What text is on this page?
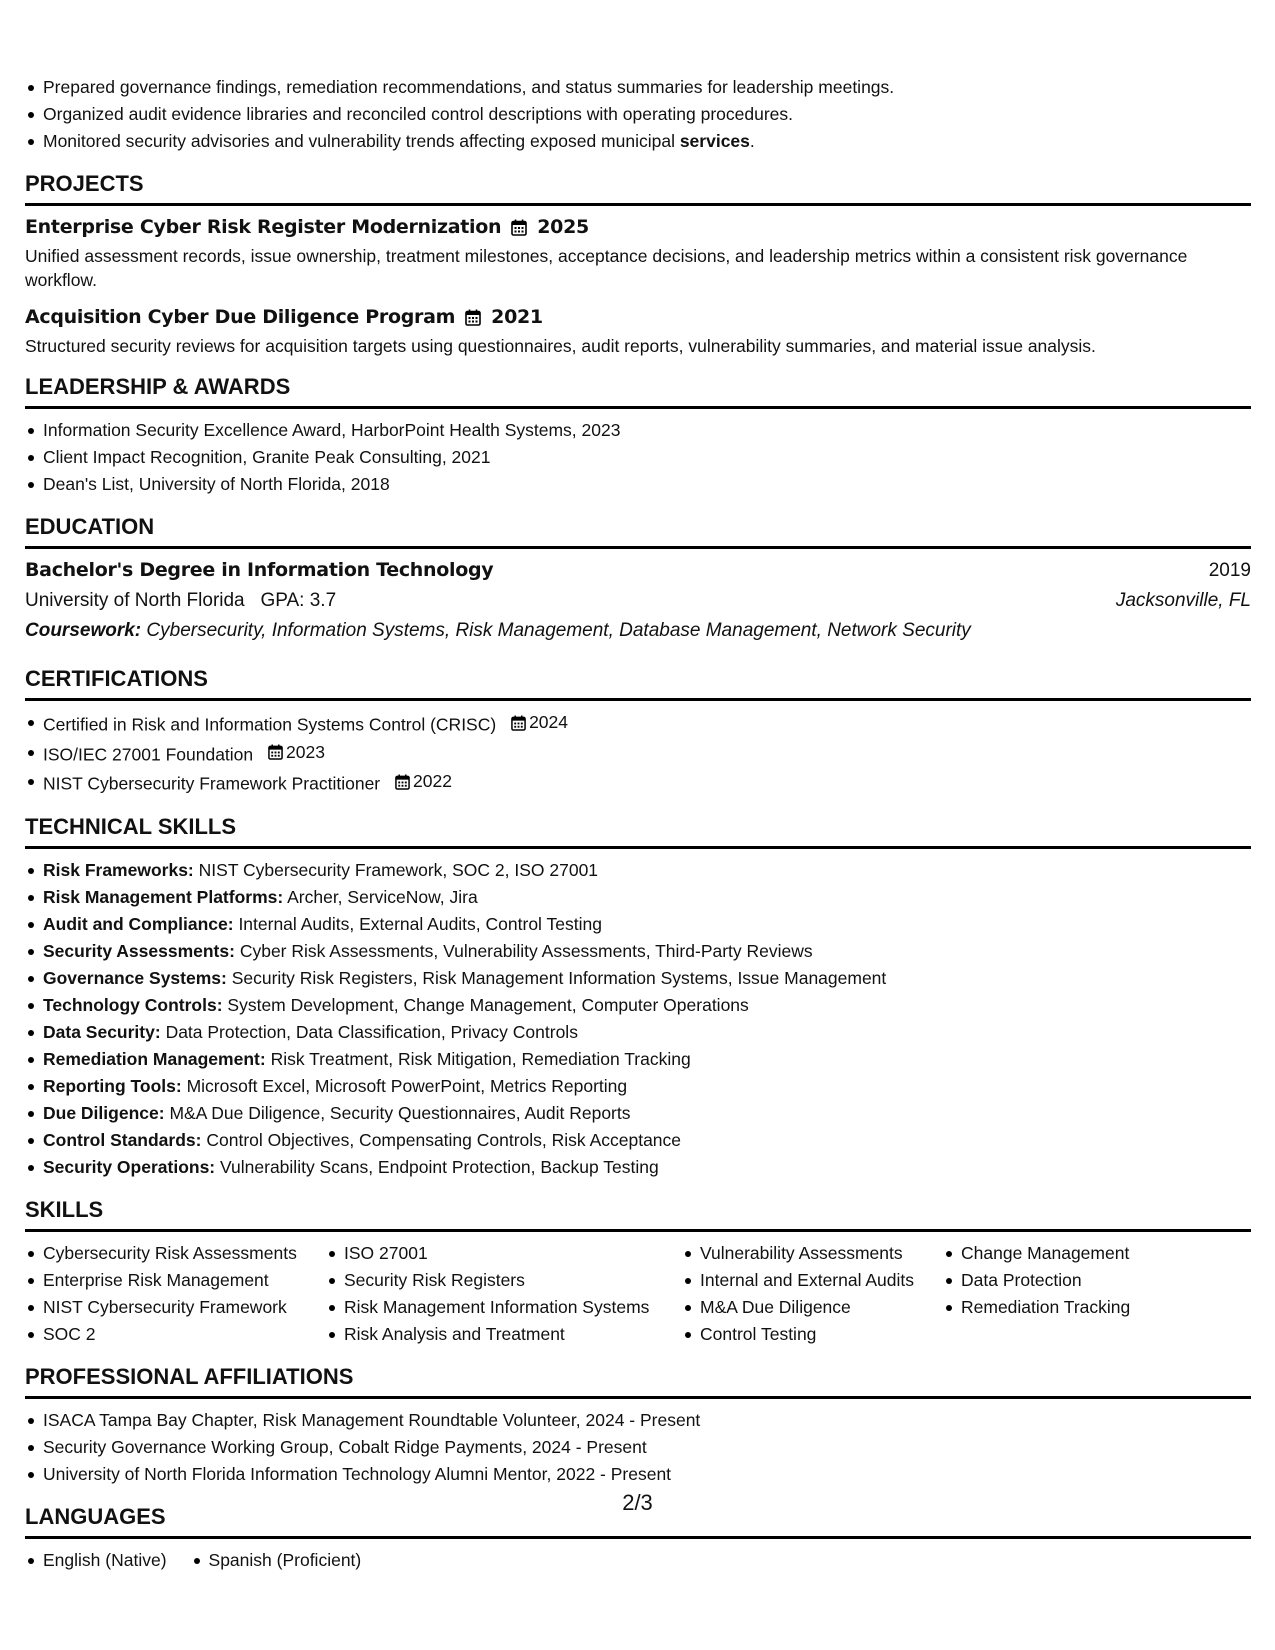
Prepared governance findings, remediation recommendations, and status summaries for leadership meetings.
Organized audit evidence libraries and reconciled control descriptions with operating procedures.
Monitored security advisories and vulnerability trends affecting exposed municipal services.
PROJECTS
Enterprise Cyber Risk Register Modernization 2025
Unified assessment records, issue ownership, treatment milestones, acceptance decisions, and leadership metrics within a consistent risk governance workflow.
Acquisition Cyber Due Diligence Program 2021
Structured security reviews for acquisition targets using questionnaires, audit reports, vulnerability summaries, and material issue analysis.
LEADERSHIP & AWARDS
Information Security Excellence Award, HarborPoint Health Systems, 2023
Client Impact Recognition, Granite Peak Consulting, 2021
Dean's List, University of North Florida, 2018
EDUCATION
Bachelor's Degree in Information Technology	2019
University of North Florida GPA: 3.7	Jacksonville, FL
Coursework: Cybersecurity, Information Systems, Risk Management, Database Management, Network Security
CERTIFICATIONS
Certified in Risk and Information Systems Control (CRISC) 2024
ISO/IEC 27001 Foundation 2023
NIST Cybersecurity Framework Practitioner 2022
TECHNICAL SKILLS
Risk Frameworks: NIST Cybersecurity Framework, SOC 2, ISO 27001
Risk Management Platforms: Archer, ServiceNow, Jira
Audit and Compliance: Internal Audits, External Audits, Control Testing
Security Assessments: Cyber Risk Assessments, Vulnerability Assessments, Third-Party Reviews
Governance Systems: Security Risk Registers, Risk Management Information Systems, Issue Management
Technology Controls: System Development, Change Management, Computer Operations
Data Security: Data Protection, Data Classification, Privacy Controls
Remediation Management: Risk Treatment, Risk Mitigation, Remediation Tracking
Reporting Tools: Microsoft Excel, Microsoft PowerPoint, Metrics Reporting
Due Diligence: M&A Due Diligence, Security Questionnaires, Audit Reports
Control Standards: Control Objectives, Compensating Controls, Risk Acceptance
Security Operations: Vulnerability Scans, Endpoint Protection, Backup Testing
SKILLS
Cybersecurity Risk Assessments
Enterprise Risk Management
NIST Cybersecurity Framework
SOC 2
ISO 27001
Security Risk Registers
Risk Management Information Systems
Risk Analysis and Treatment
Vulnerability Assessments
Internal and External Audits
M&A Due Diligence
Control Testing
Change Management
Data Protection
Remediation Tracking
PROFESSIONAL AFFILIATIONS
ISACA Tampa Bay Chapter, Risk Management Roundtable Volunteer, 2024 - Present
Security Governance Working Group, Cobalt Ridge Payments, 2024 - Present
University of North Florida Information Technology Alumni Mentor, 2022 - Present
LANGUAGES
English (Native)	Spanish (Proficient)
2/3
